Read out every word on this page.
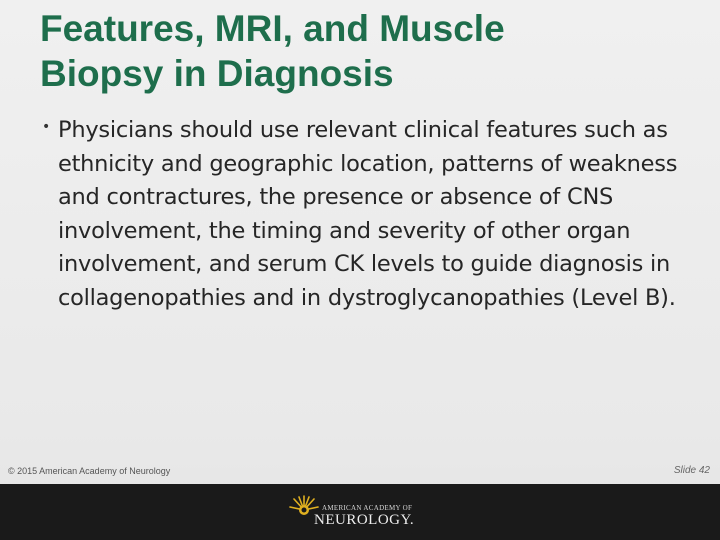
Features, MRI, and Muscle
Biopsy in Diagnosis
• Physicians should use relevant clinical features such as ethnicity and geographic location, patterns of weakness and contractures, the presence or absence of CNS involvement, the timing and severity of other organ involvement, and serum CK levels to guide diagnosis in collagenopathies and in dystroglycanopathies (Level B).
© 2015 American Academy of Neurology	Slide 42
AMERICAN ACADEMY OF
NEUROLOGY.
